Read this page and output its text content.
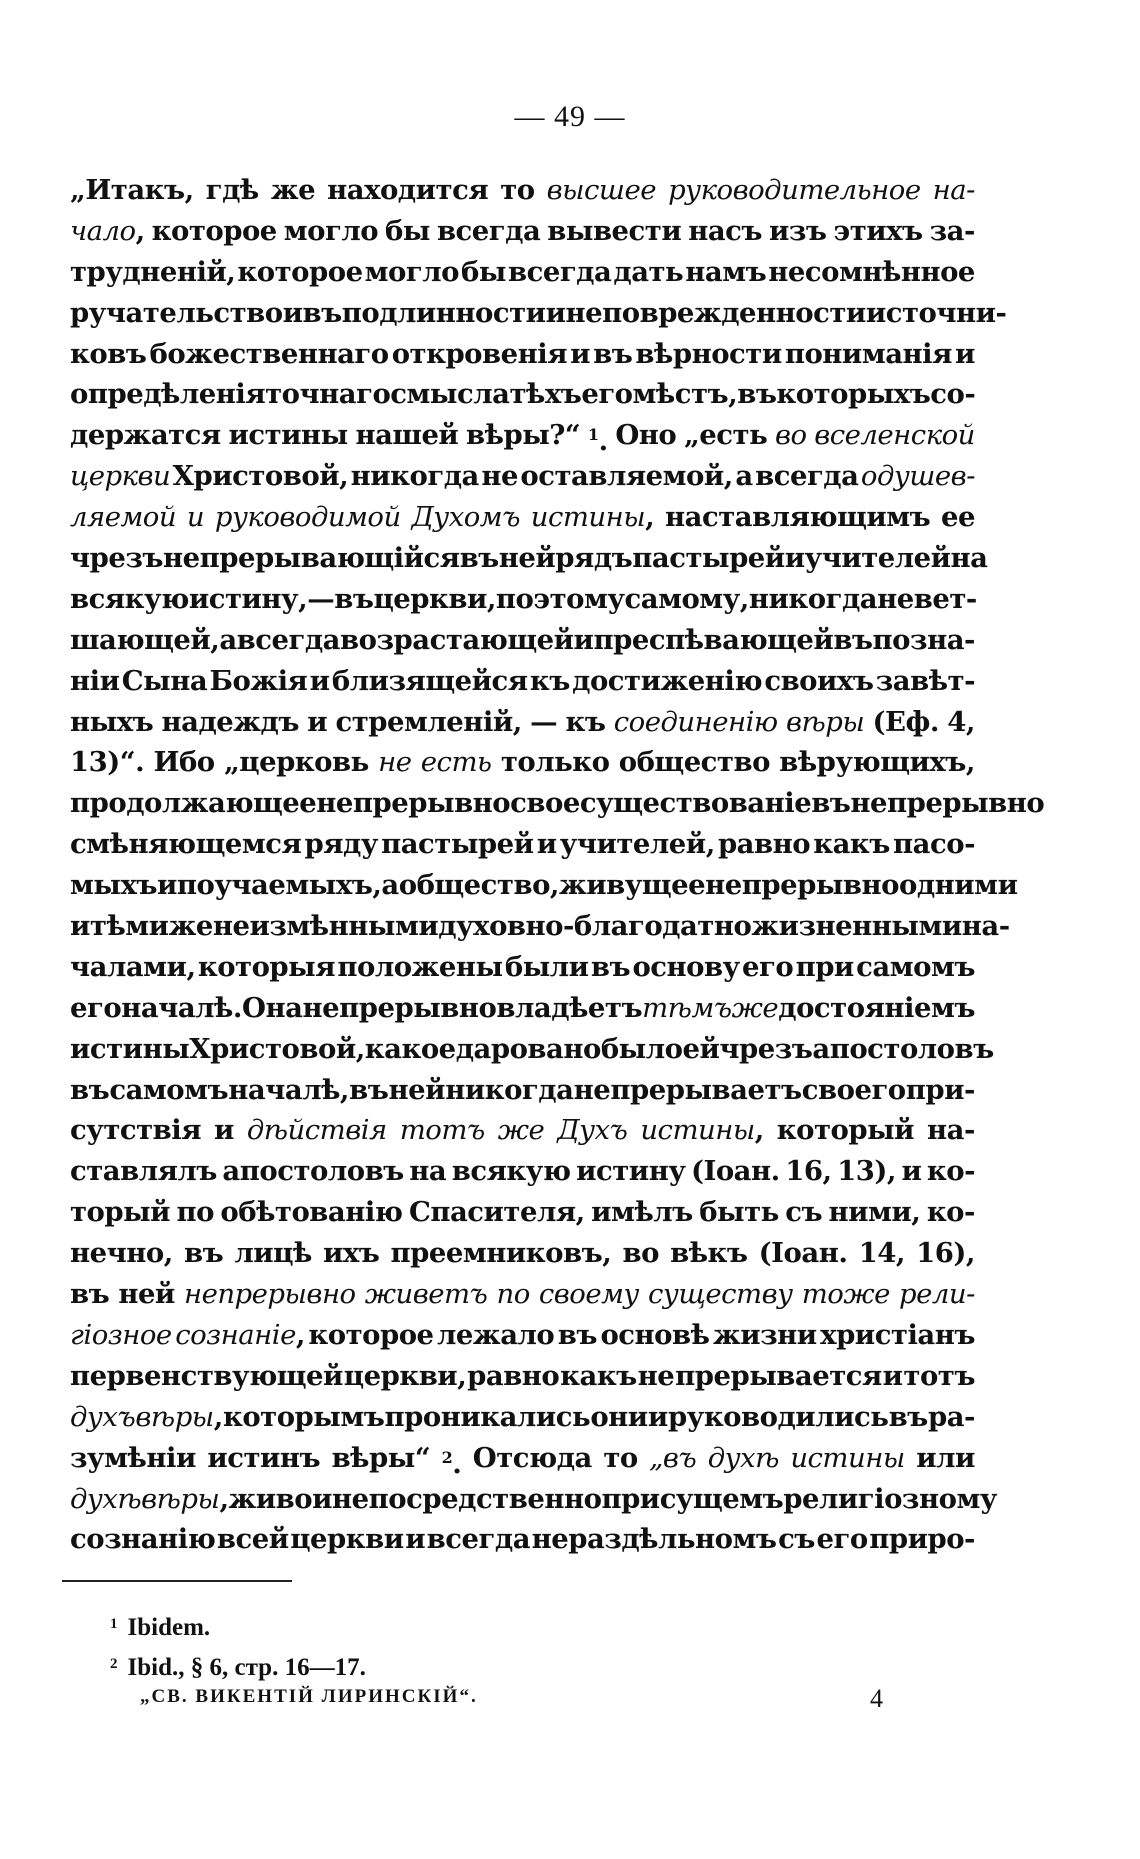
— 49 —
„Итакъ, гдѣ же находится то высшее руководительное на-
чало, которое могло бы всегда вывести насъ изъ этихъ за-
трудненій, которое могло бы всегда дать намъ несомнѣнное
ручательство и въ подлинности и неповрежденности источни-
ковъ божественнаго откровенія и въ вѣрности пониманія и
опредѣленія точнаго смысла тѣхъ его мѣстъ, въ которыхъ со-
держатся истины нашей вѣры?“ $^1$. Оно „есть во вселенской
церкви Христовой, никогда не оставляемой, а всегда одушев-
ляемой и руководимой Духомъ истины, наставляющимъ ее
чрезъ непрерывающійся въ ней рядъ пастырей и учителей на
всякую истину,—въ церкви, поэтому самому, никогда не вет-
шающей, а всегда возрастающей и преспѣвающей въ позна-
ніи Сына Божія и близящейся къ достиженію своихъ завѣт-
ныхъ надеждъ и стремленій, — къ соединенію вѣры (Еф. 4,
13)“. Ибо „церковь не есть только общество вѣрующихъ,
продолжающее непрерывно свое существованіе въ непрерывно
смѣняющемся ряду пастырей и учителей, равно какъ пасо-
мыхъ и поучаемыхъ, а общество, живущее непрерывно одними
и тѣми же неизмѣнными духовно-благодатножизненными на-
чалами, которыя положены были въ основу его при самомъ
его началѣ. Она непрерывно владѣетъ тѣмъ же достояніемъ
истины Христовой, какое даровано было ей чрезъ апостоловъ
въ самомъ началѣ, въ ней никогда не прерываетъ своего при-
сутствія и дѣйствія тотъ же Духъ истины, который на-
ставлялъ апостоловъ на всякую истину (Іоан. 16, 13), и ко-
торый по обѣтованію Спасителя, имѣлъ быть съ ними, ко-
нечно, въ лицѣ ихъ преемниковъ, во вѣкъ (Іоан. 14, 16),
въ ней непрерывно живетъ по своему существу тоже рели-
гіозное сознаніе, которое лежало въ основѣ жизни христіанъ
первенствующей церкви, равно какъ не прерывается и тотъ
духъ вѣры, которымъ проникались они и руководились въ ра-
зумѣніи истинъ вѣры“ $^2$. Отсюда то „въ духѣ истины или
духѣ вѣры, живо и непосредственно присущемъ религіозному
сознанію всей церкви и всегда нераздѣльномъ съ его приро-
$^1$ Ibidem.
$^2$ Ibid., § 6, стр. 16—17.
„СВ. ВИКЕНТІЙ ЛИРИНСКІЙ“.	4
